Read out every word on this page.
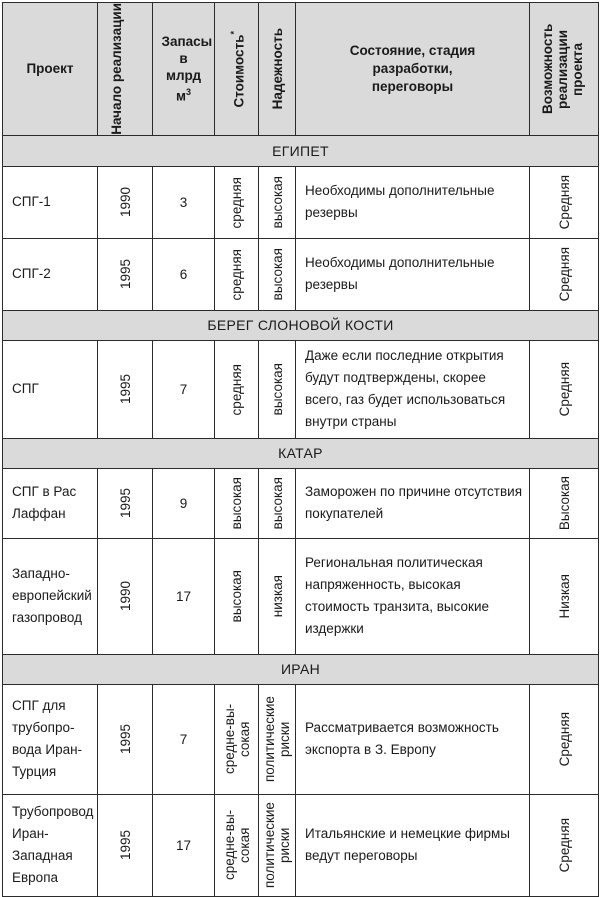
Проект	Начало реализации	Запасы в млрд $м^3$	Стоимость*	Надежность	Состояние, стадия разработки, переговоры	Возможность реализации проекта

ЕГИПЕТ						
СПГ-1	1990	3	средняя	высокая	Необходимы дополнительные резервы	Средняя

СПГ-2	1995	6	средняя	высокая	Необходимы дополнительные резервы	Средняя

БЕРЕГ СЛОНОВОЙ КОСТИ						
СПГ	1995	7	средняя	высокая	Даже если последние открытия будут подтверждены, скорее всего, газ будет использоваться внутри страны	Средняя

КАТАР						
СПГ в Рас Лаффан	1995	9	высокая	высокая	Заморожен по причине отсутствия покупателей	Высокая

Западноевропейский газопровод	1990	17	высокая	низкая	Региональная политическая напряженность, высокая стоимость транзита, высокие издержки	Низкая

ИРАН						
СПГ для трубопровода Иран-Турция	1995	7	средне-высокая	политические риски	Рассматривается возможность экспорта в З. Европу	Средняя

Трубопровод Иран-Западная Европа	1995	17	средне-высокая	политические риски	Итальянские и немецкие фирмы ведут переговоры	Средняя
